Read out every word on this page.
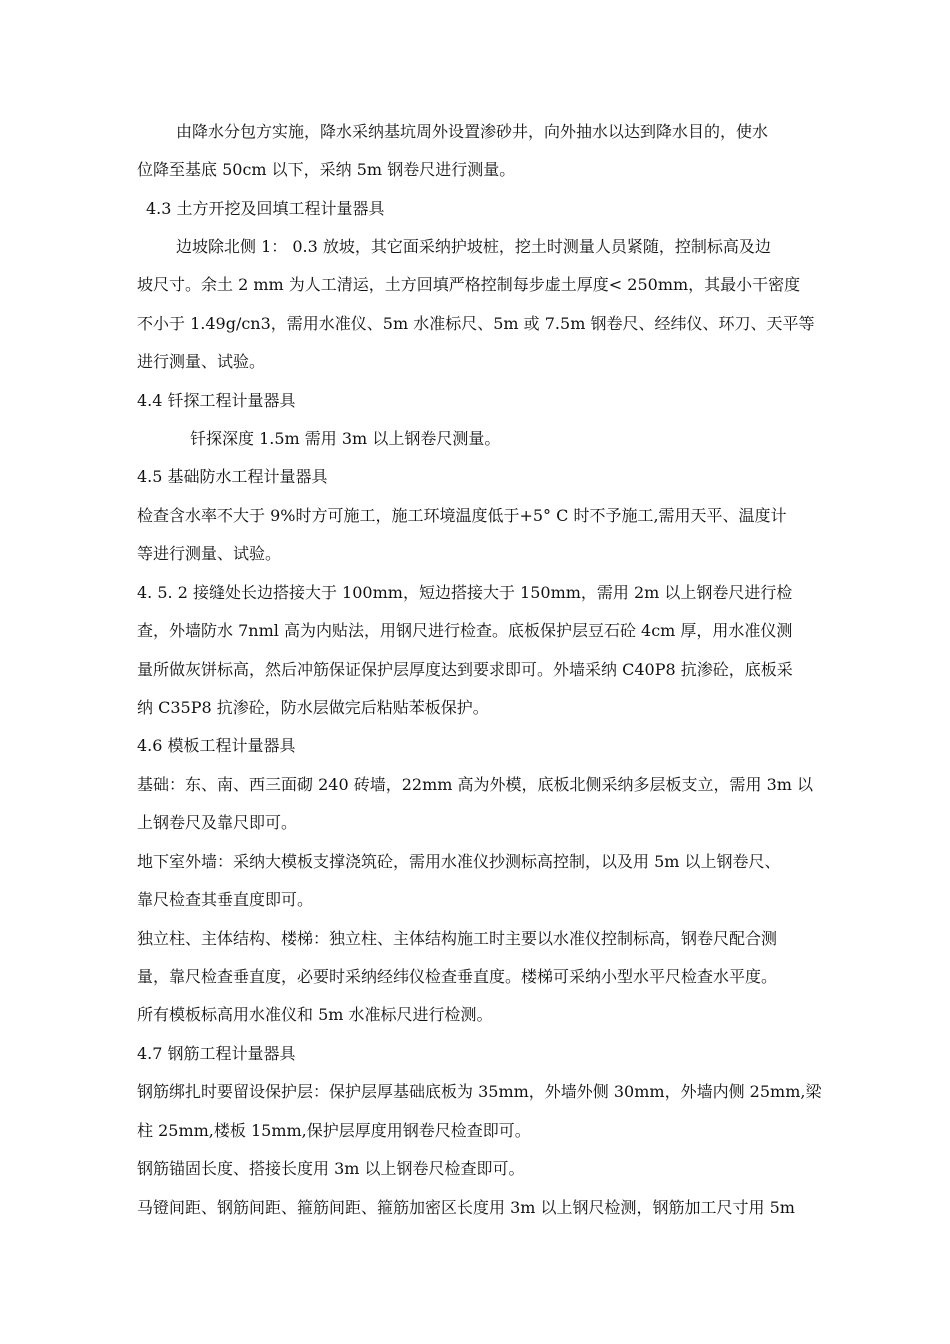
由降水分包方实施，降水采纳基坑周外设置渗砂井，向外抽水以达到降水目的，使水

位降至基底 50cm 以下，采纳 5m 钢卷尺进行测量。

4.3 土方开挖及回填工程计量器具

边坡除北侧 1： 0.3 放坡，其它面采纳护坡桩，挖土时测量人员紧随，控制标高及边

坡尺寸。余土 2 mm 为人工清运，土方回填严格控制每步虚土厚度< 250mm，其最小干密度

不小于 1.49g/cn3，需用水准仪、5m 水准标尺、5m 或 7.5m 钢卷尺、经纬仪、环刀、天平等

进行测量、试验。

4.4 钎探工程计量器具

钎探深度 1.5m 需用 3m 以上钢卷尺测量。

4.5 基础防水工程计量器具

检查含水率不大于 9%时方可施工，施工环境温度低于+5° C 时不予施工,需用天平、温度计

等进行测量、试验。

4. 5. 2 接缝处长边搭接大于 100mm，短边搭接大于 150mm，需用 2m 以上钢卷尺进行检

查，外墙防水 7nml 高为内贴法，用钢尺进行检查。底板保护层豆石砼 4cm 厚，用水准仪测

量所做灰饼标高，然后冲筋保证保护层厚度达到要求即可。外墙采纳 C40P8 抗渗砼，底板采

纳 C35P8 抗渗砼，防水层做完后粘贴苯板保护。

4.6 模板工程计量器具

基础：东、南、西三面砌 240 砖墙，22mm 高为外模，底板北侧采纳多层板支立，需用 3m 以

上钢卷尺及靠尺即可。

地下室外墙：采纳大模板支撑浇筑砼，需用水准仪抄测标高控制，以及用 5m 以上钢卷尺、

靠尺检查其垂直度即可。

独立柱、主体结构、楼梯：独立柱、主体结构施工时主要以水准仪控制标高，钢卷尺配合测

量，靠尺检查垂直度，必要时采纳经纬仪检查垂直度。楼梯可采纳小型水平尺检查水平度。

所有模板标高用水准仪和 5m 水准标尺进行检测。

4.7 钢筋工程计量器具

钢筋绑扎时要留设保护层：保护层厚基础底板为 35mm，外墙外侧 30mm，外墙内侧 25mm,梁

柱 25mm,楼板 15mm,保护层厚度用钢卷尺检查即可。

钢筋锚固长度、搭接长度用 3m 以上钢卷尺检查即可。

马镫间距、钢筋间距、箍筋间距、箍筋加密区长度用 3m 以上钢尺检测，钢筋加工尺寸用 5m
